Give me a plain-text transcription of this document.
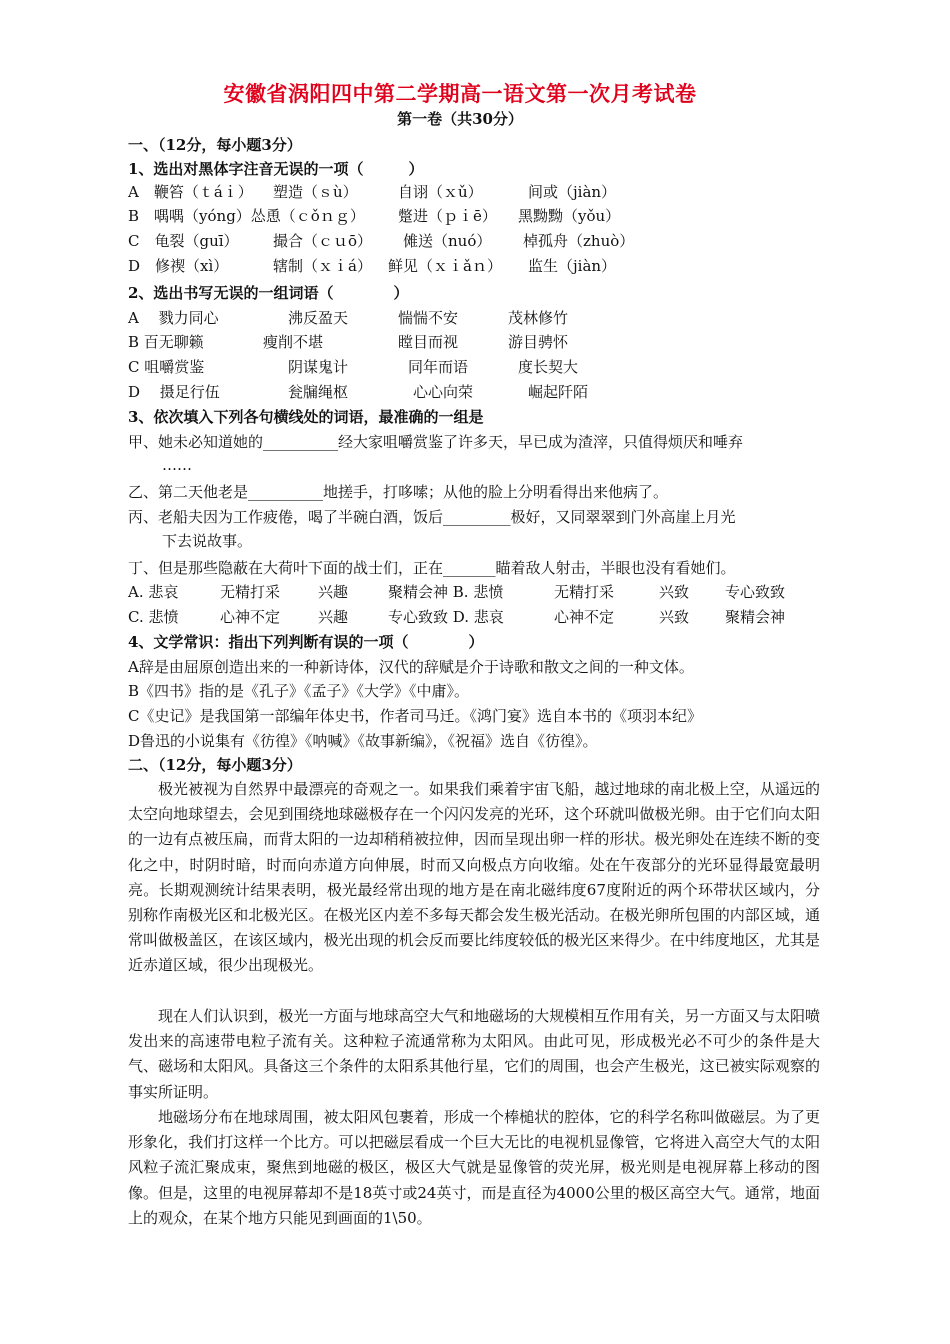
安徽省涡阳四中第二学期高一语文第一次月考试卷
第一卷（共30分）
一、（12分，每小题3分）
1、选出对黑体字注音无误的一项（　　　）
A　鞭笞（ｔáｉ） 塑造（ｓù）	自诩（ｘǔ）	间或（jiàn）
B　喁喁（yóng）怂恿（ｃǒｎｇ） 蹩进（ｐｉē） 黑黝黝（yǒu）
C　龟裂（guī） 撮合（ｃｕō） 傩送（nuó） 棹孤舟（zhuò）
D　修禊（xì）	辖制（ｘｉá） 鲜见（ｘｉǎｎ） 监生（jiàn）
2、选出书写无误的一组词语（　　　　）
A　 戮力同心	沸反盈天	惴惴不安	茂林修竹
B 百无聊籁	瘦削不堪	瞠目而视	游目骋怀
C 咀嚼赏鉴	阴谋鬼计	同年而语	度长契大
D　 摄足行伍	瓮牖绳枢	心心向荣	崛起阡陌
3、依次填入下列各句横线处的词语，最准确的一组是
甲、她未必知道她的__________经大家咀嚼赏鉴了许多天，早已成为渣滓，只值得烦厌和唾弃
……
乙、第二天他老是__________地搓手，打哆嗦；从他的脸上分明看得出来他病了。
丙、老船夫因为工作疲倦，喝了半碗白酒，饭后_________极好，又同翠翠到门外高崖上月光
下去说故事。
丁、但是那些隐蔽在大荷叶下面的战士们，正在_______瞄着敌人射击，半眼也没有看她们。
A. 悲哀	无精打采	兴趣	聚精会神 B. 悲愤	无精打采	兴致 专心致致
C. 悲愤	心神不定	兴趣	专心致致 D. 悲哀	心神不定	兴致 聚精会神
4、文学常识：指出下列判断有误的一项（　　　　）
A辞是由屈原创造出来的一种新诗体，汉代的辞赋是介于诗歌和散文之间的一种文体。
B《四书》指的是《孔子》《孟子》《大学》《中庸》。
C《史记》是我国第一部编年体史书，作者司马迁。《鸿门宴》选自本书的《项羽本纪》
D鲁迅的小说集有《彷徨》《呐喊》《故事新编》，《祝福》选自《彷徨》。
二、（12分，每小题3分）
极光被视为自然界中最漂亮的奇观之一。如果我们乘着宇宙飞船，越过地球的南北极上空，从遥远的太空向地球望去，会见到围绕地球磁极存在一个闪闪发亮的光环，这个环就叫做极光卵。由于它们向太阳的一边有点被压扁，而背太阳的一边却稍稍被拉伸，因而呈现出卵一样的形状。极光卵处在连续不断的变化之中，时阴时暗，时而向赤道方向伸展，时而又向极点方向收缩。处在午夜部分的光环显得最宽最明亮。长期观测统计结果表明，极光最经常出现的地方是在南北磁纬度67度附近的两个环带状区域内，分别称作南极光区和北极光区。在极光区内差不多每天都会发生极光活动。在极光卵所包围的内部区域，通常叫做极盖区，在该区域内，极光出现的机会反而要比纬度较低的极光区来得少。在中纬度地区，尤其是近赤道区域，很少出现极光。
现在人们认识到，极光一方面与地球高空大气和地磁场的大规模相互作用有关，另一方面又与太阳喷发出来的高速带电粒子流有关。这种粒子流通常称为太阳风。由此可见，形成极光必不可少的条件是大气、磁场和太阳风。具备这三个条件的太阳系其他行星，它们的周围，也会产生极光，这已被实际观察的事实所证明。
地磁场分布在地球周围，被太阳风包裹着，形成一个棒槌状的腔体，它的科学名称叫做磁层。为了更形象化，我们打这样一个比方。可以把磁层看成一个巨大无比的电视机显像管，它将进入高空大气的太阳风粒子流汇聚成束，聚焦到地磁的极区，极区大气就是显像管的荧光屏，极光则是电视屏幕上移动的图像。但是，这里的电视屏幕却不是18英寸或24英寸，而是直径为4000公里的极区高空大气。通常，地面上的观众，在某个地方只能见到画面的1\50。
